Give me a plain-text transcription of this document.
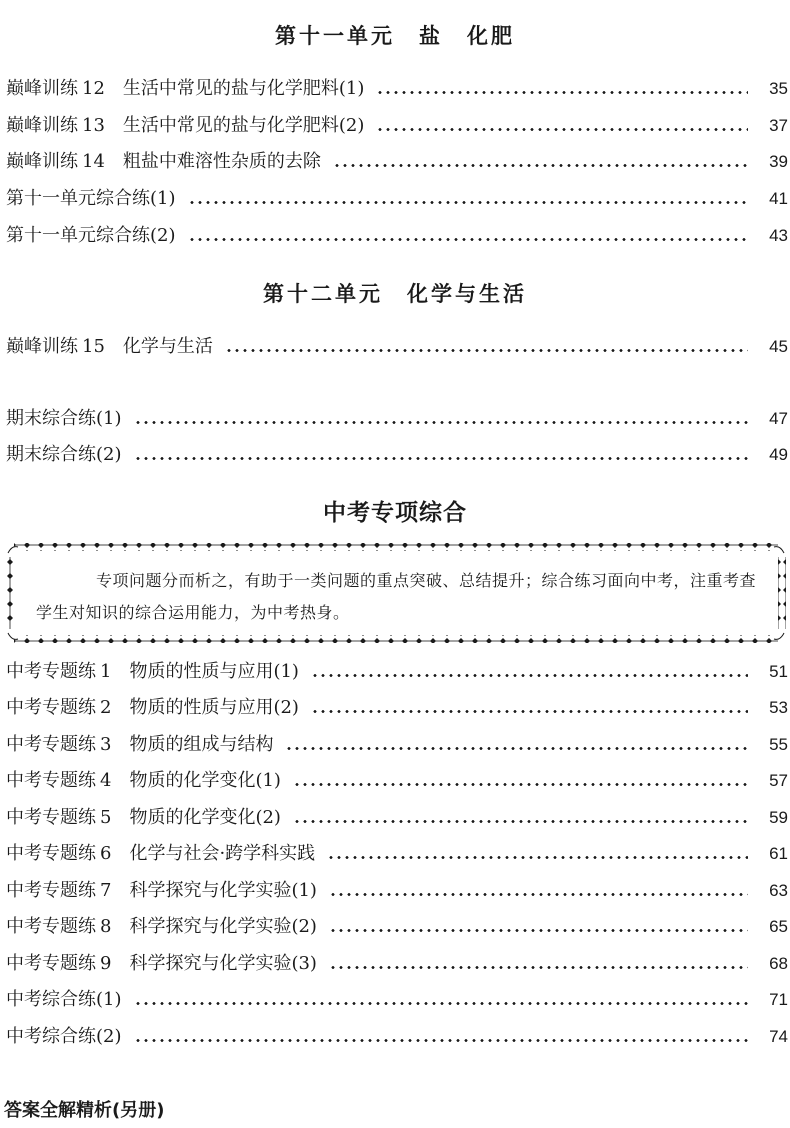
第十一单元　盐　化肥
巅峰训练 12 生活中常见的盐与化学肥料(1)	35
巅峰训练 13 生活中常见的盐与化学肥料(2)	37
巅峰训练 14 粗盐中难溶性杂质的去除	39
第十一单元综合练(1)	41
第十一单元综合练(2)	43
第十二单元　化学与生活
巅峰训练 15 化学与生活	45
期末综合练(1)	47
期末综合练(2)	49
中考专项综合
专项问题分而析之，有助于一类问题的重点突破、总结提升；综合练习面向中考，注重考查学生对知识的综合运用能力，为中考热身。
中考专题练 1 物质的性质与应用(1)	51
中考专题练 2 物质的性质与应用(2)	53
中考专题练 3 物质的组成与结构	55
中考专题练 4 物质的化学变化(1)	57
中考专题练 5 物质的化学变化(2)	59
中考专题练 6 化学与社会·跨学科实践	61
中考专题练 7 科学探究与化学实验(1)	63
中考专题练 8 科学探究与化学实验(2)	65
中考专题练 9 科学探究与化学实验(3)	68
中考综合练(1)	71
中考综合练(2)	74
答案全解精析(另册)
